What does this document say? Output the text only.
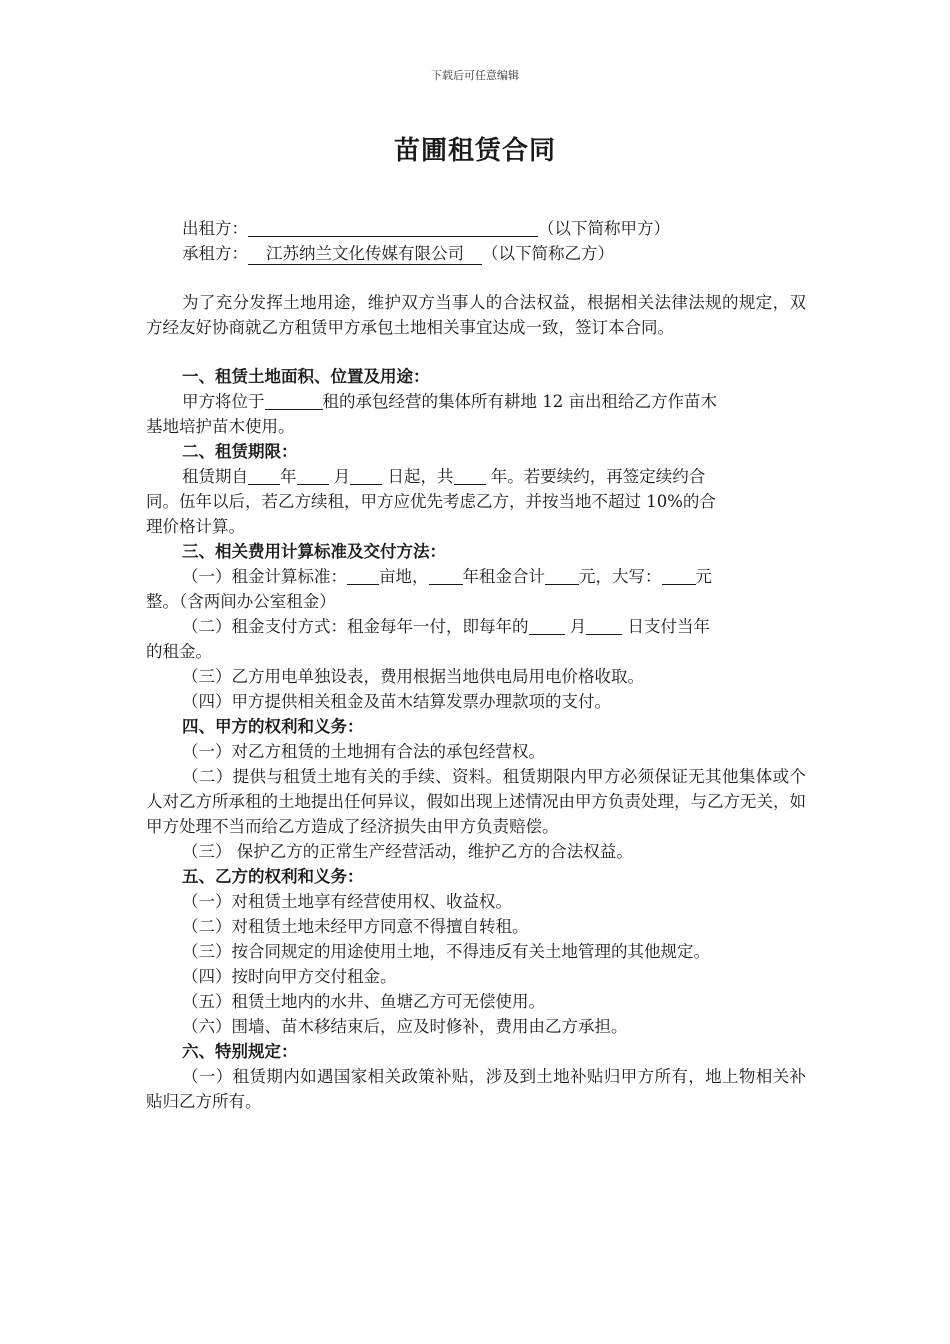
下载后可任意编辑
苗圃租赁合同
出租方：	（以下简称甲方）
承租方： 江苏纳兰文化传媒有限公司 （以下简称乙方）
为了充分发挥土地用途，维护双方当事人的合法权益，根据相关法律法规的规定，双方经友好协商就乙方租赁甲方承包土地相关事宜达成一致，签订本合同。
一、租赁土地面积、位置及用途：
甲方将位于	租的承包经营的集体所有耕地 12 亩出租给乙方作苗木
基地培护苗木使用。
二、租赁期限：
租赁期自 年 月 日起，共 年。若要续约，再签定续约合
同。伍年以后，若乙方续租，甲方应优先考虑乙方，并按当地不超过 10%的合
理价格计算。
三、相关费用计算标准及交付方法：
（一）租金计算标准： 亩地， 年租金合计 元，大写： 元
整。（含两间办公室租金）
（二）租金支付方式：租金每年一付，即每年的	月	日支付当年
的租金。
（三）乙方用电单独设表，费用根据当地供电局用电价格收取。
（四）甲方提供相关租金及苗木结算发票办理款项的支付。
四、甲方的权利和义务：
（一）对乙方租赁的土地拥有合法的承包经营权。
（二）提供与租赁土地有关的手续、资料。租赁期限内甲方必须保证无其他集体或个人对乙方所承租的土地提出任何异议，假如出现上述情况由甲方负责处理，与乙方无关，如甲方处理不当而给乙方造成了经济损失由甲方负责赔偿。
（三） 保护乙方的正常生产经营活动，维护乙方的合法权益。
五、乙方的权利和义务：
（一）对租赁土地享有经营使用权、收益权。
（二）对租赁土地未经甲方同意不得擅自转租。
（三）按合同规定的用途使用土地，不得违反有关土地管理的其他规定。
（四）按时向甲方交付租金。
（五）租赁土地内的水井、鱼塘乙方可无偿使用。
（六）围墙、苗木移结束后，应及时修补，费用由乙方承担。
六、特别规定：
（一）租赁期内如遇国家相关政策补贴，涉及到土地补贴归甲方所有，地上物相关补贴归乙方所有。
